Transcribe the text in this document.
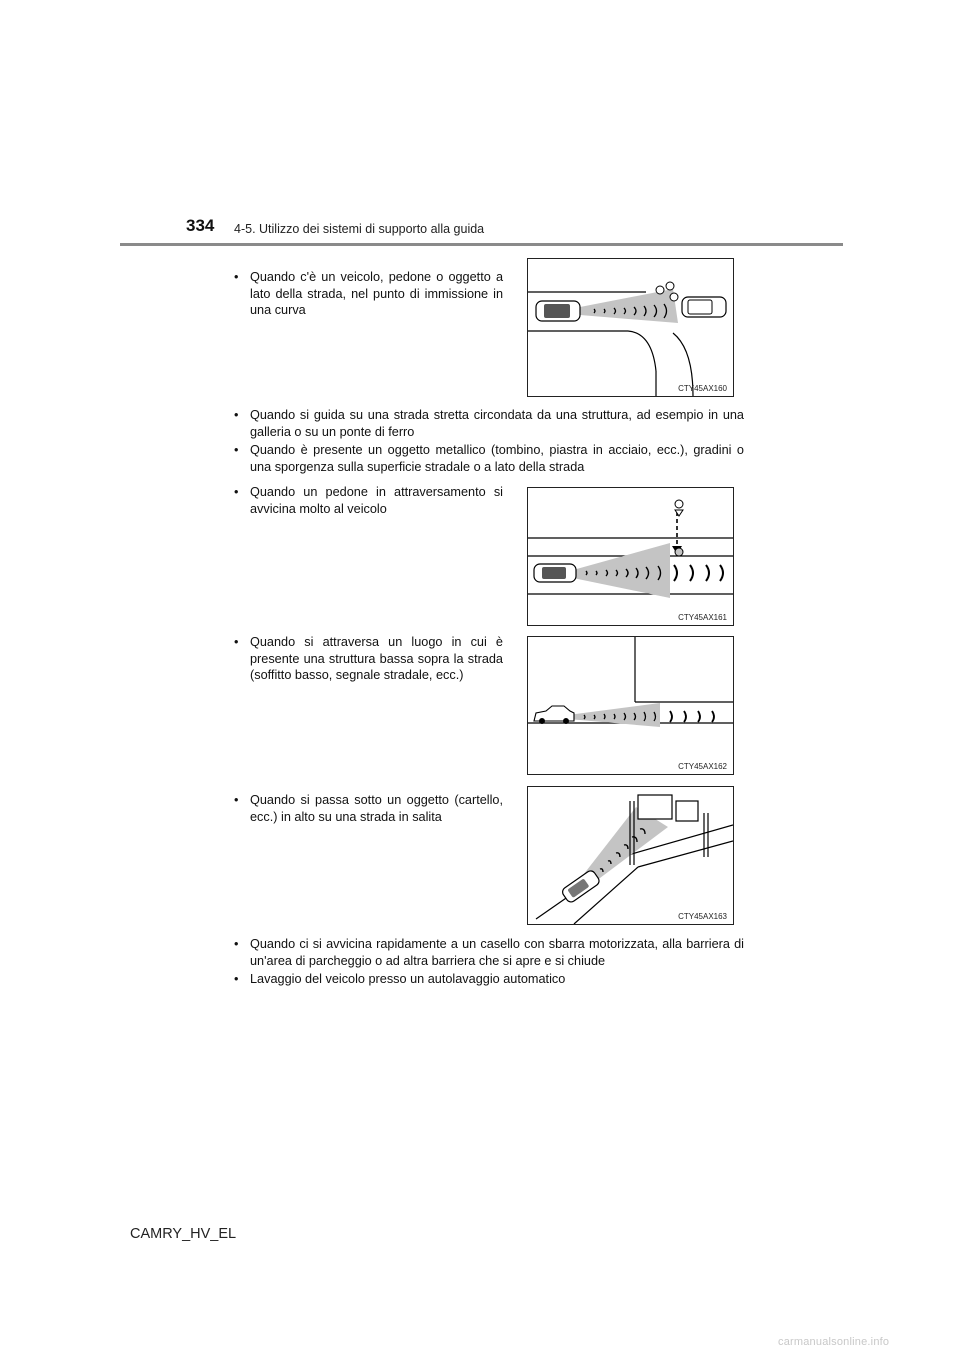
334 4-5. Utilizzo dei sistemi di supporto alla guida
• Quando c'è un veicolo, pedone o oggetto a lato della strada, nel punto di immissione in una curva
CTY45AX160
• Quando si guida su una strada stretta circondata da una struttura, ad esempio in una galleria o su un ponte di ferro
• Quando è presente un oggetto metallico (tombino, piastra in acciaio, ecc.), gradini o una sporgenza sulla superficie stradale o a lato della strada
• Quando un pedone in attraversamento si avvicina molto al veicolo
CTY45AX161
• Quando si attraversa un luogo in cui è presente una struttura bassa sopra la strada (soffitto basso, segnale stradale, ecc.)
CTY45AX162
• Quando si passa sotto un oggetto (cartello, ecc.) in alto su una strada in salita
CTY45AX163
• Quando ci si avvicina rapidamente a un casello con sbarra motorizzata, alla barriera di un'area di parcheggio o ad altra barriera che si apre e si chiude
• Lavaggio del veicolo presso un autolavaggio automatico
CAMRY_HV_EL
carmanualsonline.info
